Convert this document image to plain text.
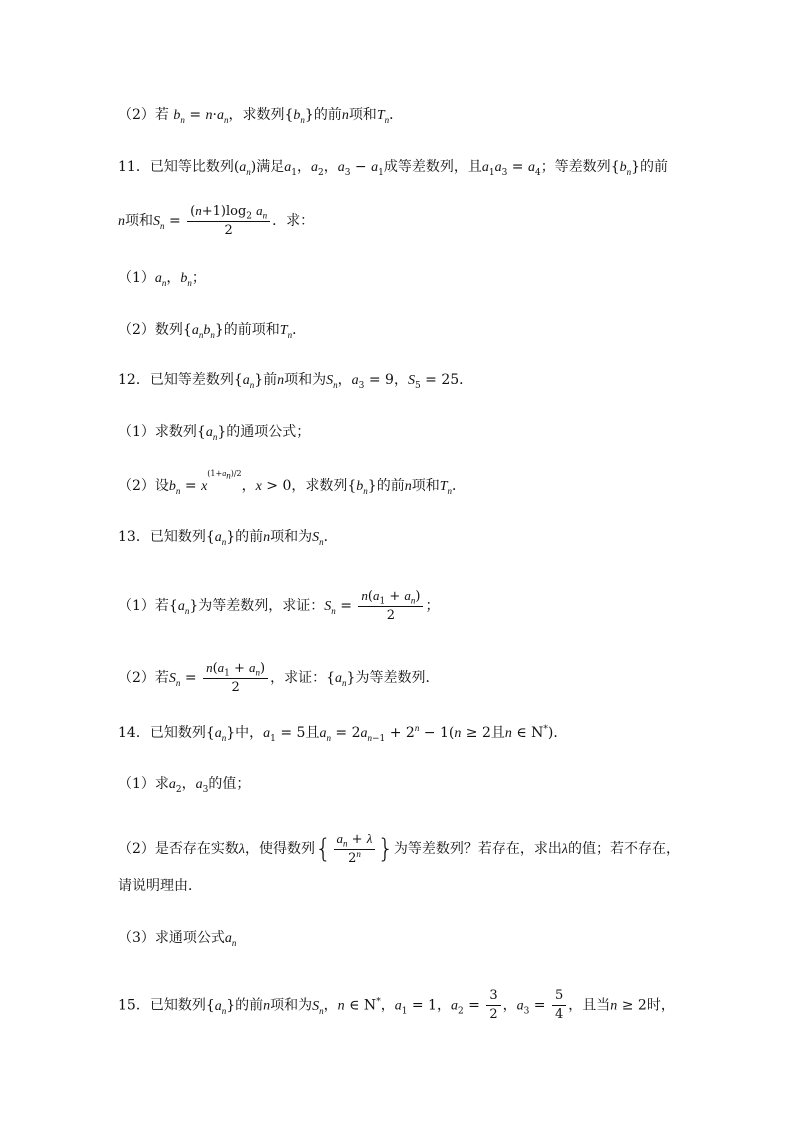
（2）若 $b_n = n\cdot a_n$，求数列$\{b_n\}$的前n项和$T_n$．
11．已知等比数列$(a_n)$满足$a_1$，$a_2$，$a_3 - a_1$成等差数列，且$a_1a_3 = a_4$；等差数列$\{b_n\}$的前
n项和$S_n = \frac{(n+1)\log_2 a_n}{2}$ ．求：
$(1)a_n$，$b_n$；
（2）数列$\{a_nb_n\}$的前项和$T_n$．
12．已知等差数列$\{a_n\}$前n项和为$S_n$，$a_3 = 9$，$S_5 = 25$．
（1）求数列$\{a_n\}$的通项公式；
（2）设$b_n = x^{(1+a_n)/2}$，x > 0，求数列$\{b_n\}$的前n项和$T_n$．
13．已知数列$\{a_n\}$的前n项和为$S_n$．
（1）若$\{a_n\}$为等差数列，求证：$S_n = \frac{n(a_1 + a_n)}{2}$ ；
（2）若$S_n = \frac{n(a_1 + a_n)}{2}$ ，求证：$\{a_n\}$为等差数列．
14．已知数列$\{a_n\}$中，$a_1 = 5$且$a_n = 2a_{n-1} + 2^n - 1(n \ge 2$且n ∈ N*)．
（1）求$a_2$，$a_3$的值；
（2）是否存在实数λ，使得数列{ $\frac{a_n + \lambda}{2^n}$ }为等差数列？若存在，求出λ的值；若不存在，
请说明理由．
（3）求通项公式$a_n$
15．已知数列$\{a_n\}$的前n项和为$S_n$，n ∈ N*，$a_1 = 1$，$a_2 = \frac{3}{2}$ ，$a_3 = \frac{5}{4}$ ，且当n ≥ 2时，
